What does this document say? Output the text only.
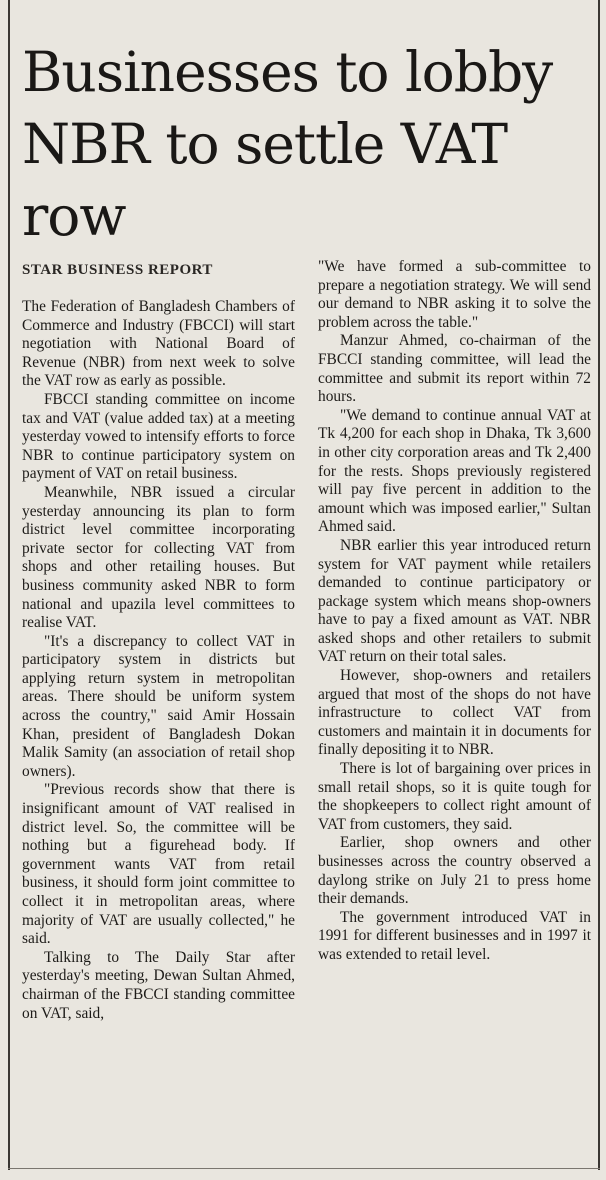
Businesses to lobby NBR to settle VAT row
STAR BUSINESS REPORT

The Federation of Bangladesh Chambers of Commerce and Industry (FBCCI) will start negotiation with National Board of Revenue (NBR) from next week to solve the VAT row as early as possible.

FBCCI standing committee on income tax and VAT (value added tax) at a meeting yesterday vowed to intensify efforts to force NBR to continue participatory system on payment of VAT on retail business.

Meanwhile, NBR issued a circular yesterday announcing its plan to form district level committee incorporating private sector for collecting VAT from shops and other retailing houses. But business community asked NBR to form national and upazila level committees to realise VAT.

"It's a discrepancy to collect VAT in participatory system in districts but applying return system in metropolitan areas. There should be uniform system across the country," said Amir Hossain Khan, president of Bangladesh Dokan Malik Samity (an association of retail shop owners).

"Previous records show that there is insignificant amount of VAT realised in district level. So, the committee will be nothing but a figurehead body. If government wants VAT from retail business, it should form joint committee to collect it in metropolitan areas, where majority of VAT are usually collected," he said.

Talking to The Daily Star after yesterday's meeting, Dewan Sultan Ahmed, chairman of the FBCCI standing committee on VAT, said,

"We have formed a sub-committee to prepare a negotiation strategy. We will send our demand to NBR asking it to solve the problem across the table."

Manzur Ahmed, co-chairman of the FBCCI standing committee, will lead the committee and submit its report within 72 hours.

"We demand to continue annual VAT at Tk 4,200 for each shop in Dhaka, Tk 3,600 in other city corporation areas and Tk 2,400 for the rests. Shops previously registered will pay five percent in addition to the amount which was imposed earlier," Sultan Ahmed said.

NBR earlier this year introduced return system for VAT payment while retailers demanded to continue participatory or package system which means shop-owners have to pay a fixed amount as VAT. NBR asked shops and other retailers to submit VAT return on their total sales.

However, shop-owners and retailers argued that most of the shops do not have infrastructure to collect VAT from customers and maintain it in documents for finally depositing it to NBR.

There is lot of bargaining over prices in small retail shops, so it is quite tough for the shopkeepers to collect right amount of VAT from customers, they said.

Earlier, shop owners and other businesses across the country observed a daylong strike on July 21 to press home their demands.

The government introduced VAT in 1991 for different businesses and in 1997 it was extended to retail level.
